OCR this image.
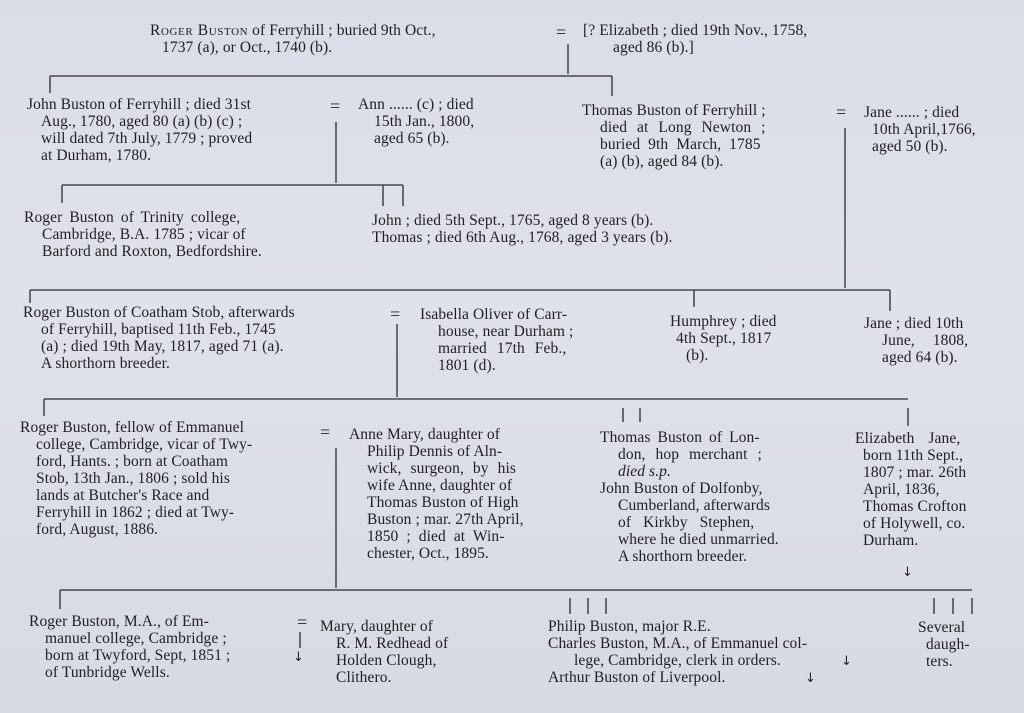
Roger Buston of Ferryhill ; buried 9th Oct.,
1737 (a), or Oct., 1740 (b).

= [? Elizabeth ; died 19th Nov., 1758,
aged 86 (b).]

John Buston of Ferryhill ; died 31st
Aug., 1780, aged 80 (a) (b) (c) ;
will dated 7th July, 1779 ; proved
at Durham, 1780.

= Ann ...... (c) ; died
15th Jan., 1800,
aged 65 (b).

Thomas Buston of Ferryhill ;
died at Long Newton ;
buried 9th March, 1785
(a) (b), aged 84 (b).

= Jane ...... ; died
10th April,1766,
aged 50 (b).

Roger Buston of Trinity college,
Cambridge, B.A. 1785 ; vicar of
Barford and Roxton, Bedfordshire.

John ; died 5th Sept., 1765, aged 8 years (b).
Thomas ; died 6th Aug., 1768, aged 3 years (b).

Roger Buston of Coatham Stob, afterwards
of Ferryhill, baptised 11th Feb., 1745
(a) ; died 19th May, 1817, aged 71 (a).
A shorthorn breeder.

= Isabella Oliver of Carr-
house, near Durham ;
married 17th Feb.,
1801 (d).

Humphrey ; died
4th Sept., 1817
(b).

Jane ; died 10th
June, 1808,
aged 64 (b).

Roger Buston, fellow of Emmanuel
college, Cambridge, vicar of Twy-
ford, Hants. ; born at Coatham
Stob, 13th Jan., 1806 ; sold his
lands at Butcher's Race and
Ferryhill in 1862 ; died at Twy-
ford, August, 1886.

= Anne Mary, daughter of
Philip Dennis of Aln-
wick, surgeon, by his
wife Anne, daughter of
Thomas Buston of High
Buston ; mar. 27th April,
1850 ; died at Win-
chester, Oct., 1895.

Thomas Buston of Lon-
don, hop merchant ;
died s.p.
John Buston of Dolfonby,
Cumberland, afterwards
of Kirkby Stephen,
where he died unmarried.
A shorthorn breeder.

Elizabeth Jane,
born 11th Sept.,
1807 ; mar. 26th
April, 1836,
Thomas Crofton
of Holywell, co.
Durham.

↓

Roger Buston, M.A., of Em-
manuel college, Cambridge ;
born at Twyford, Sept, 1851 ;
of Tunbridge Wells.

↓
= Mary, daughter of
R. M. Redhead of
Holden Clough,
Clithero.

Philip Buston, major R.E.
Charles Buston, M.A., of Emmanuel col-
lege, Cambridge, clerk in orders.
Arthur Buston of Liverpool.

↓
↓

Several
daugh-
ters.
